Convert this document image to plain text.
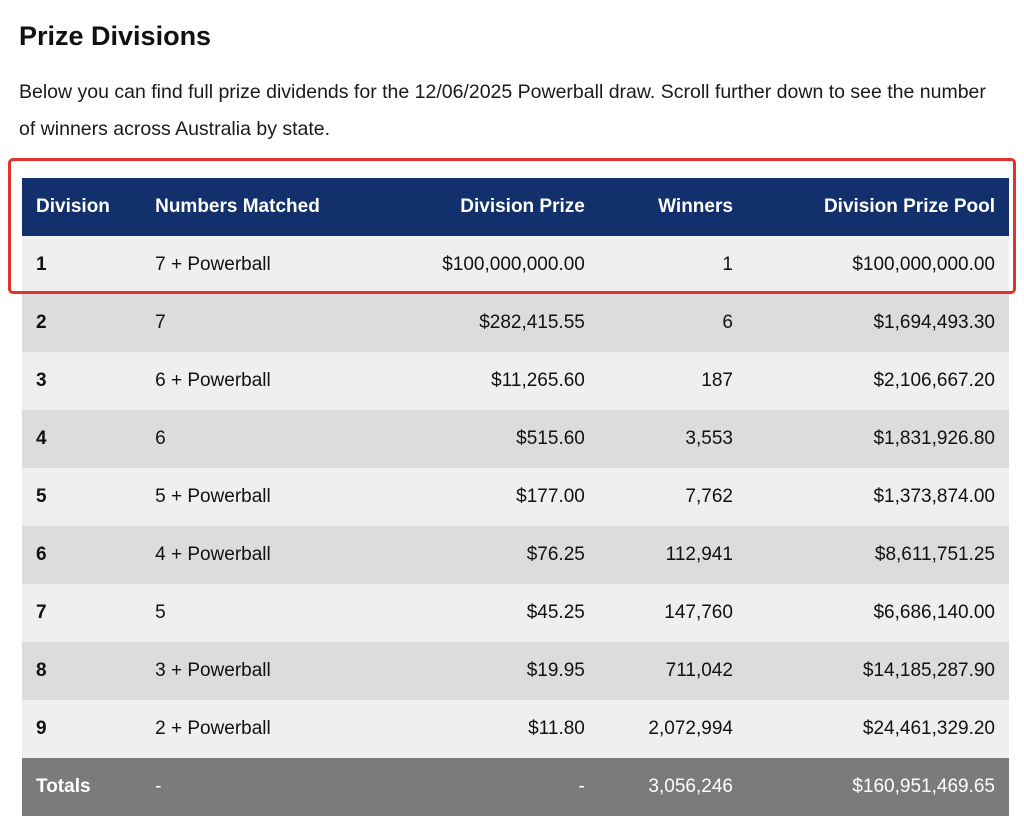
Prize Divisions

Below you can find full prize dividends for the 12/06/2025 Powerball draw. Scroll further down to see the number of winners across Australia by state.

Division	Numbers Matched	Division Prize	Winners	Division Prize Pool
1	7 + Powerball	$100,000,000.00	1	$100,000,000.00
2	7	$282,415.55	6	$1,694,493.30
3	6 + Powerball	$11,265.60	187	$2,106,667.20
4	6	$515.60	3,553	$1,831,926.80
5	5 + Powerball	$177.00	7,762	$1,373,874.00
6	4 + Powerball	$76.25	112,941	$8,611,751.25
7	5	$45.25	147,760	$6,686,140.00
8	3 + Powerball	$19.95	711,042	$14,185,287.90
9	2 + Powerball	$11.80	2,072,994	$24,461,329.20
Totals	-	-	3,056,246	$160,951,469.65
